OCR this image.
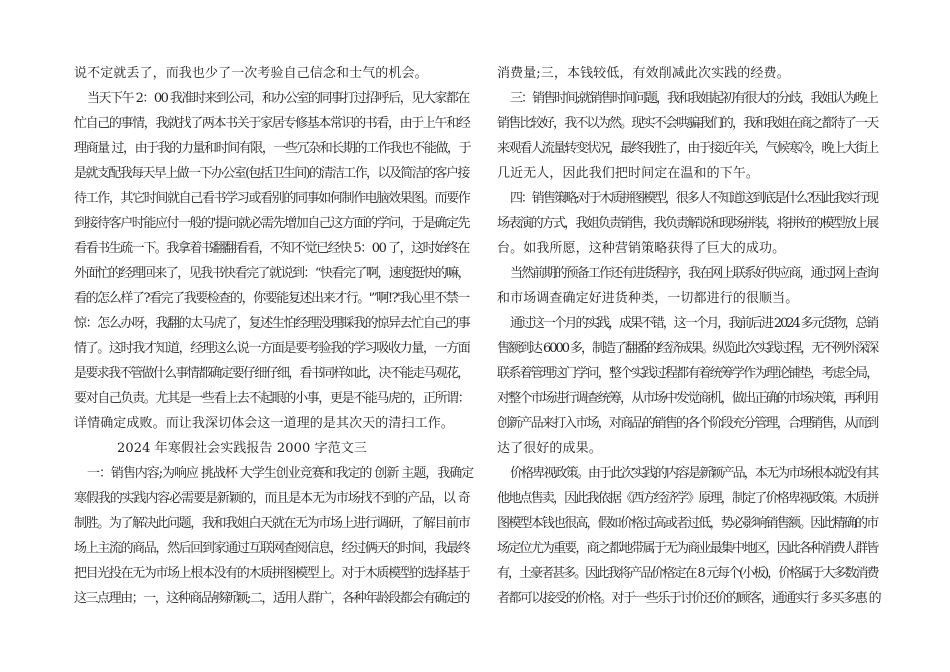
说不定就丢了，而我也少了一次考验自己信念和士气的机会。
当天下午 2：00 我准时来到公司，和办公室的同事打过招呼后，见大家都在
忙自己的事情，我就找了两本书关于家居专修基本常识的书看，由于上午和经
理商量 过，由于我的力量和时间有限，一些冗杂和长期的工作我也不能做，于
是就支配我每天早上做一下办公室(包括卫生间)的清洁工作，以及简洁的客户接
待工作，其它时间就自己看书学习或看别的同事如何制作电脑效果图。而要作
到接待客户时能应付一般的'提问就必需先增加自己这方面的学问，于是确定先
看看书生疏一下。我拿着书翻翻看看，不知不觉已经快 5：00 了，这时始终在
外面忙的经理回来了，见我书快看完了就说到：“快看完了啊，速度挺快的嘛，
看的怎么样了?看完了我要检查的，你要能复述出来才行。'”啊!?'我心里不禁一
惊：怎么办呀，我翻的太马虎了，复述生怕经理没理睬我的惊异去忙自己的事
情了。这时我才知道，经理这么说一方面是要考验我的学习吸收力量，一方面
是要求我不管做什么事情都确定要仔细仔细，看书同样如此，决不能走马观花，
要对自己负责。尤其是一些看上去不起眼的小事，更是不能马虎的，正所谓：
详情确定成败。而让我深切体会这一道理的是其次天的清扫工作。
2024 年寒假社会实践报告 2000 字范文三
一：销售内容;为响应 挑战杯 大学生创业竞赛和我定的 创新 主题，我确定
寒假我的实践内容必需要是新颖的，而且是本无为市场找不到的产品，以 奇
制胜。为了解决此问题，我和我姐白天就在无为市场上进行调研，了解目前市
场上主流的商品，然后回到家通过互联网查阅信息，经过俩天的时间，我最终
把目光投在无为市场上根本没有的木质拼图模型上。对于木质模型的选择基于
这三点理由；一，这种商品够新颖;二，适用人群广，各种年龄段都会有确定的
消费量;三，本钱较低，有效削减此次实践的经费。
三：销售时间;就销售时间问题，我和我姐起初有很大的分歧，我姐认为晚上
销售比较好，我不以为然。现实不会哄骗我们的，我和我姐在商之都待了一天
来观看人流量转变状况，最终我胜了，由于接近年关，气候寒冷，晚上大街上
几近无人，因此我们把时间定在温和的下午。
四：销售策略;对于木质拼图模型，很多人不知道这到底是什么?因此我实行现
场表演的方式，我姐负责销售，我负责解说和现场拼装，将拼好的模型放上展
台。如我所愿，这种营销策略获得了巨大的成功。
当然前期的预备工作还有进货程序，我在网上联系好供应商，通过网上查询
和市场调查确定好进货种类，一切都进行的很顺当。
通过这一个月的实践，成果不错，这一个月，我前后进 2024 多元货物，总销
售额到达 6000 多，制造了翻番的经济成果。纵览此次实践过程，无不例外深深
联系着管理这门学问，整个实践过程都有着统筹学作为理论铺垫，考虑全局，
对整个市场进行调查统筹，从市场中发觉商机，做出正确的市场决策，再利用
创新产品来打入市场，对商品的销售的各个阶段充分管理，合理销售，从而到
达了很好的成果。
价格卑视政策。由于此次实践的内容是新颖产品，本无为市场根本就没有其
他地点售卖，因此我依据《西方经济学》原理，制定了价格卑视政策。木质拼
图模型本钱也很高，假如价格过高或者过低，势必影响销售额。因此精确的市
场定位尤为重要，商之都地带属于无为商业最集中地区，因此各种消费人群皆
有，土豪者甚多。因此我将产品价格定在 8 元每个(小板)，价格属于大多数消费
者都可以接受的价格。对于一些乐于讨价还价的顾客，通通实行 多买多惠 的
